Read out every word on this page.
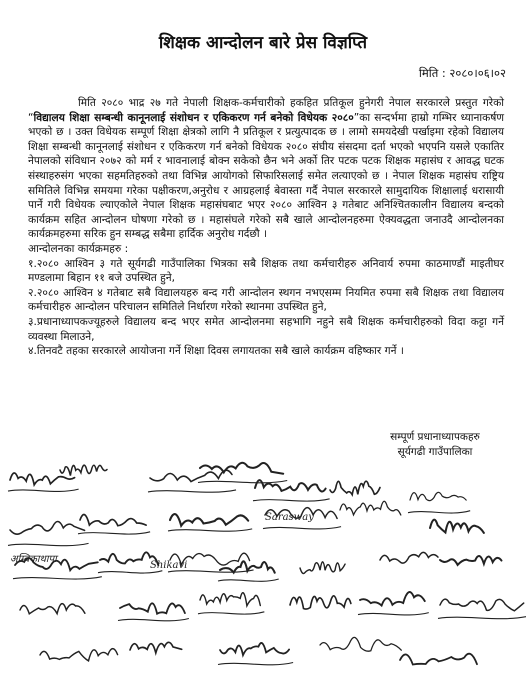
शिक्षक आन्दोलन बारे प्रेस विज्ञप्ति
मिति : २०८०।०६।०२

मिति २०८० भाद्र २७ गते नेपाली शिक्षक-कर्मचारीको हकहित प्रतिकूल हुनेगरी नेपाल सरकारले प्रस्तुत गरेको “विद्यालय शिक्षा सम्बन्धी कानूनलाई संशोधन र एकिकरण गर्न बनेको विधेयक २०८०”का सन्दर्भमा हाम्रो गम्भिर ध्यानाकर्षण भएको छ । उक्त विधेयक सम्पूर्ण शिक्षा क्षेत्रको लागि नै प्रतिकूल र प्रत्युत्पादक छ । लामो समयदेखी पर्खाइमा रहेको विद्यालय शिक्षा सम्बन्धी कानूनलाई संशोधन र एकिकरण गर्न बनेको विधेयक २०८० संघीय संसदमा दर्ता भएको भएपनि यसले एकातिर नेपालको संविधान २०७२ को मर्म र भावनालाई बोक्न सकेको छैन भने अर्को तिर पटक पटक शिक्षक महासंघ र आवद्ध घटक संस्थाहरुसंग भएका सहमतिहरुको तथा विभिन्न आयोगको सिफारिसलाई समेत लत्याएको छ । नेपाल शिक्षक महासंघ राष्ट्रिय समितिले विभिन्न समयमा गरेका पक्षीकरण,अनुरोध र आग्रहलाई बेवास्ता गर्दै नेपाल सरकारले सामुदायिक शिक्षालाई धरासायी पार्ने गरी विधेयक ल्याएकोले नेपाल शिक्षक महासंघबाट भएर २०८० आश्विन ३ गतेबाट अनिश्चितकालीन विद्यालय बन्दको कार्यक्रम सहित आन्दोलन घोषणा गरेको छ । महासंघले गरेको सबै खाले आन्दोलनहरुमा ऐक्यवद्धता जनाउदै आन्दोलनका कार्यक्रमहरुमा सरिक हुन सम्बद्ध सबैमा हार्दिक अनुरोध गर्दछौ ।

आन्दोलनका कार्यक्रमहरु :

१.२०८० आश्विन ३ गते सूर्यगढी गाउँपालिका भित्रका सबै शिक्षक तथा कर्मचारीहरु अनिवार्य रुपमा काठमाण्डौं माइतीघर मण्डलामा बिहान ११ बजे उपस्थित हुने,

२.२०८० आश्विन ४ गतेबाट सबै विद्यालयहरु बन्द गरी आन्दोलन स्थगन नभएसम्म नियमित रुपमा सबै शिक्षक तथा विद्यालय कर्मचारीहरु आन्दोलन परिचालन समितिले निर्धारण गरेको स्थानमा उपस्थित हुने,

३.प्रधानाध्यापकज्यूहरुले विद्यालय बन्द भएर समेत आन्दोलनमा सहभागि नहुने सबै शिक्षक कर्मचारीहरुको विदा कट्टा गर्ने व्यवस्था मिलाउने,

४.तिनवटै तहका सरकारले आयोजना गर्ने शिक्षा दिवस लगायतका सबै खाले कार्यक्रम वहिष्कार गर्ने ।

सम्पूर्ण प्रधानाध्यापकहरु
सूर्यगढी गाउँपालिका
Sarasway
Shikavi
अम्बिकाथापा
